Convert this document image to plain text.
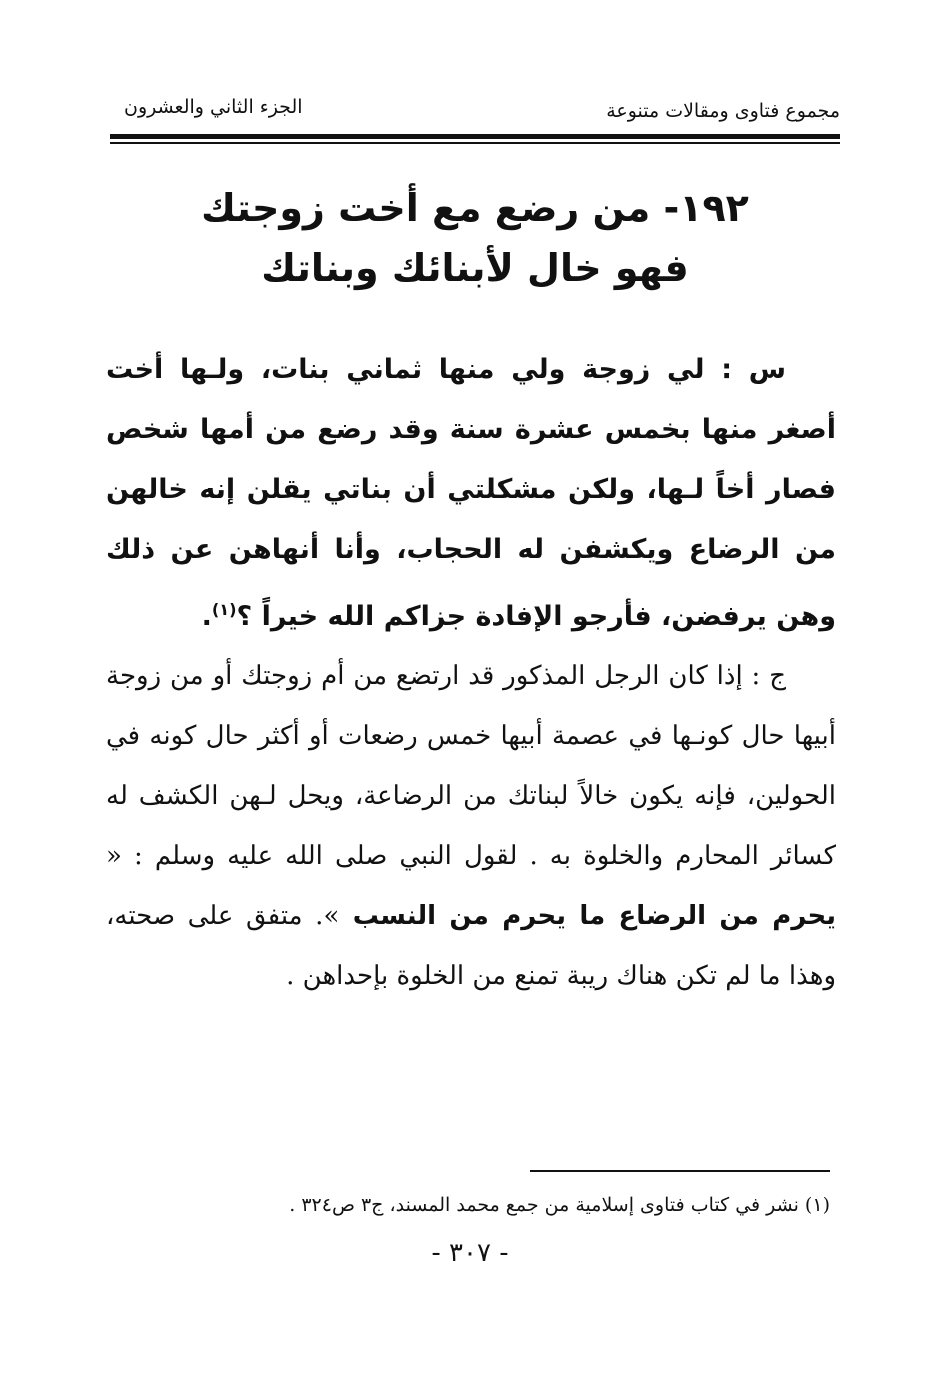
مجموع فتاوى ومقالات متنوعة
الجزء الثاني والعشرون
١٩٢- من رضع مع أخت زوجتك
فهو خال لأبنائك وبناتك
س : لي زوجة ولي منها ثماني بنات، ولـها أخت أصغر منها بخمس عشرة سنة وقد رضع من أمها شخص فصار أخاً لـها، ولكن مشكلتي أن بناتي يقلن إنه خالهن من الرضاع ويكشفن له الحجاب، وأنا أنهاهن عن ذلك وهن يرفضن، فأرجو الإفادة جزاكم الله خيراً ؟$^{(١)}$.
ج : إذا كان الرجل المذكور قد ارتضع من أم زوجتك أو من زوجة أبيها حال كونـها في عصمة أبيها خمس رضعات أو أكثر حال كونه في الحولين، فإنه يكون خالاً لبناتك من الرضاعة، ويحل لـهن الكشف له كسائر المحارم والخلوة به . لقول النبي صلى الله عليه وسلم : « يحرم من الرضاع ما يحرم من النسب ». متفق على صحته، وهذا ما لم تكن هناك ريبة تمنع من الخلوة بإحداهن .
(١) نشر في كتاب فتاوى إسلامية من جمع محمد المسند، ج٣ ص٣٢٤ .
- ٣٠٧ -
